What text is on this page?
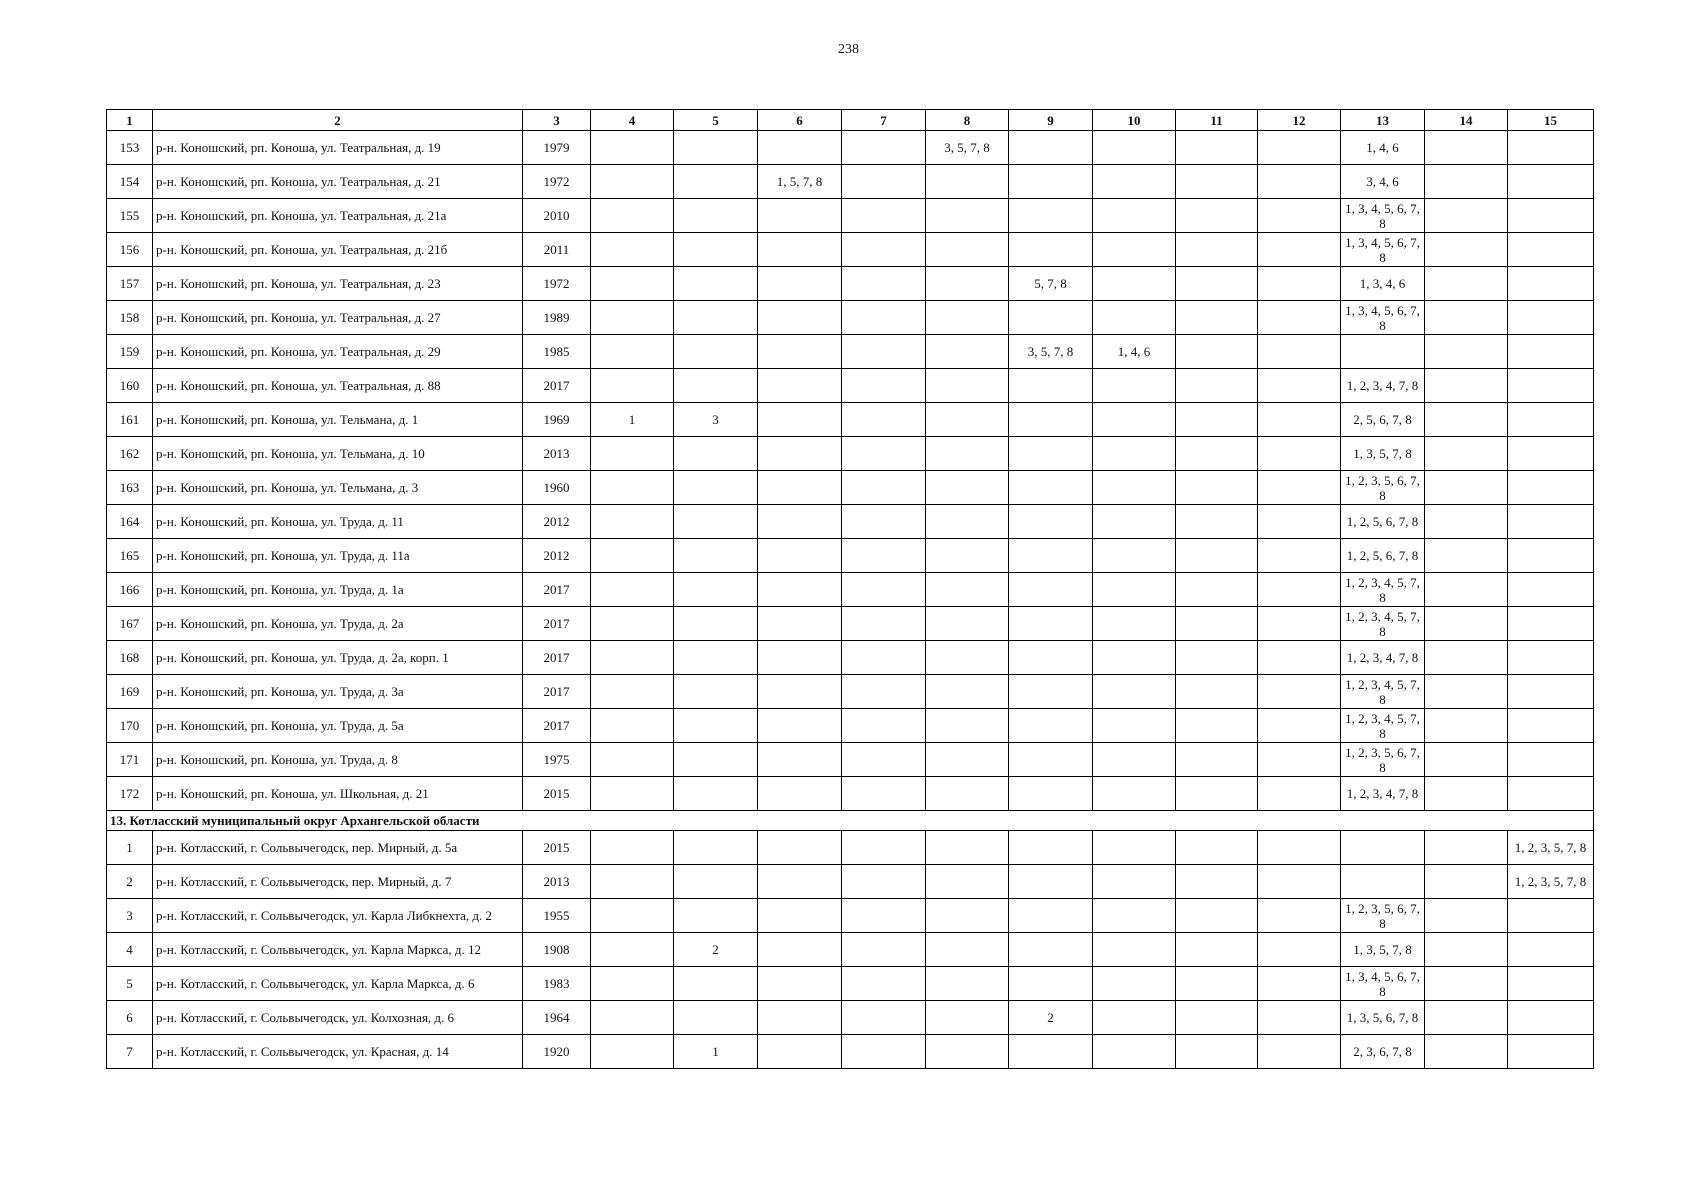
238
1	2	3	4	5	6	7	8	9	10	11	12	13	14	15
153	р-н. Коношский, рп. Коноша, ул. Театральная, д. 19	1979					3, 5, 7, 8					1, 4, 6		
154	р-н. Коношский, рп. Коноша, ул. Театральная, д. 21	1972			1, 5, 7, 8							3, 4, 6		
155	р-н. Коношский, рп. Коноша, ул. Театральная, д. 21а	2010										1, 3, 4, 5, 6, 7, 8		
156	р-н. Коношский, рп. Коноша, ул. Театральная, д. 21б	2011										1, 3, 4, 5, 6, 7, 8		
157	р-н. Коношский, рп. Коноша, ул. Театральная, д. 23	1972						5, 7, 8				1, 3, 4, 6		
158	р-н. Коношский, рп. Коноша, ул. Театральная, д. 27	1989										1, 3, 4, 5, 6, 7, 8		
159	р-н. Коношский, рп. Коноша, ул. Театральная, д. 29	1985						3, 5, 7, 8	1, 4, 6					
160	р-н. Коношский, рп. Коноша, ул. Театральная, д. 88	2017										1, 2, 3, 4, 7, 8		
161	р-н. Коношский, рп. Коноша, ул. Тельмана, д. 1	1969	1	3								2, 5, 6, 7, 8		
162	р-н. Коношский, рп. Коноша, ул. Тельмана, д. 10	2013										1, 3, 5, 7, 8		
163	р-н. Коношский, рп. Коноша, ул. Тельмана, д. 3	1960										1, 2, 3, 5, 6, 7, 8		
164	р-н. Коношский, рп. Коноша, ул. Труда, д. 11	2012										1, 2, 5, 6, 7, 8		
165	р-н. Коношский, рп. Коноша, ул. Труда, д. 11а	2012										1, 2, 5, 6, 7, 8		
166	р-н. Коношский, рп. Коноша, ул. Труда, д. 1а	2017										1, 2, 3, 4, 5, 7, 8		
167	р-н. Коношский, рп. Коноша, ул. Труда, д. 2а	2017										1, 2, 3, 4, 5, 7, 8		
168	р-н. Коношский, рп. Коноша, ул. Труда, д. 2а, корп. 1	2017										1, 2, 3, 4, 7, 8		
169	р-н. Коношский, рп. Коноша, ул. Труда, д. 3а	2017										1, 2, 3, 4, 5, 7, 8		
170	р-н. Коношский, рп. Коноша, ул. Труда, д. 5а	2017										1, 2, 3, 4, 5, 7, 8		
171	р-н. Коношский, рп. Коноша, ул. Труда, д. 8	1975										1, 2, 3, 5, 6, 7, 8		
172	р-н. Коношский, рп. Коноша, ул. Школьная, д. 21	2015										1, 2, 3, 4, 7, 8		
13. Котласский муниципальный округ Архангельской области														
1	р-н. Котласский, г. Сольвычегодск, пер. Мирный, д. 5а	2015												1, 2, 3, 5, 7, 8
2	р-н. Котласский, г. Сольвычегодск, пер. Мирный, д. 7	2013												1, 2, 3, 5, 7, 8
3	р-н. Котласский, г. Сольвычегодск, ул. Карла Либкнехта, д. 2	1955										1, 2, 3, 5, 6, 7, 8		
4	р-н. Котласский, г. Сольвычегодск, ул. Карла Маркса, д. 12	1908		2								1, 3, 5, 7, 8		
5	р-н. Котласский, г. Сольвычегодск, ул. Карла Маркса, д. 6	1983										1, 3, 4, 5, 6, 7, 8		
6	р-н. Котласский, г. Сольвычегодск, ул. Колхозная, д. 6	1964						2				1, 3, 5, 6, 7, 8		
7	р-н. Котласский, г. Сольвычегодск, ул. Красная, д. 14	1920		1								2, 3, 6, 7, 8		
